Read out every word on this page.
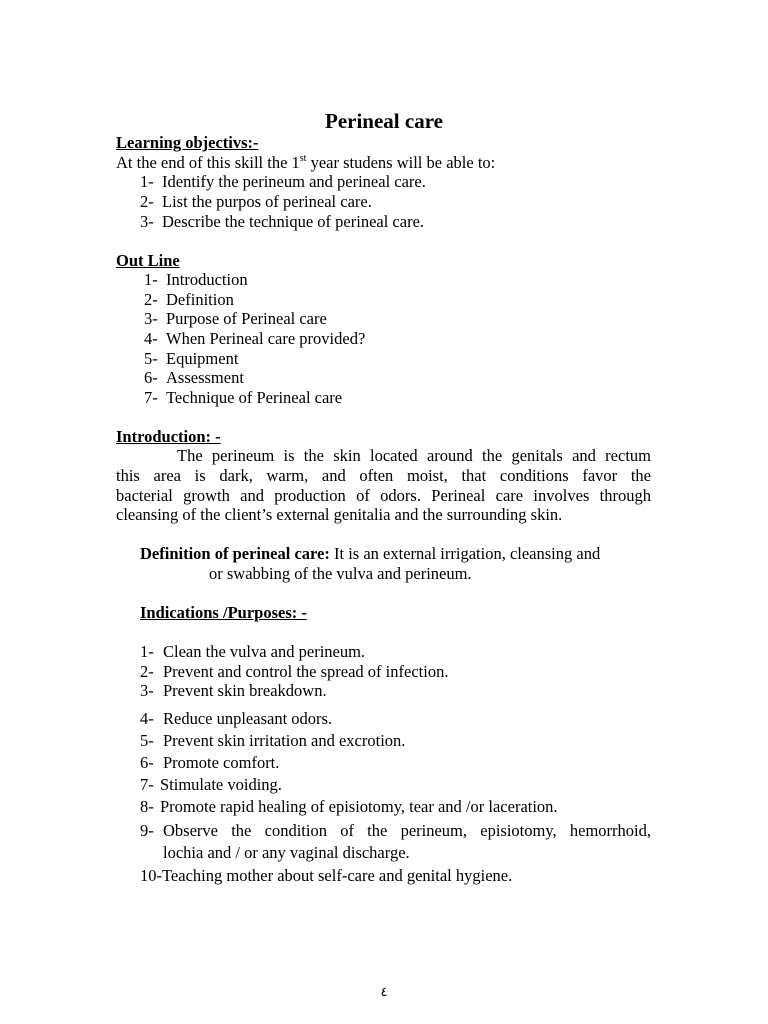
Perineal care
Learning objectivs:-
At the end of this skill the 1st year studens will be able to:
1- Identify the perineum and perineal care.
2- List the purpos of perineal care.
3- Describe the technique of perineal care.
Out Line
1- Introduction
2- Definition
3- Purpose of Perineal care
4- When Perineal care provided?
5- Equipment
6- Assessment
7- Technique of Perineal care
Introduction: -
The perineum is the skin located around the genitals and rectum
this area is dark, warm, and often moist, that conditions favor the
bacterial growth and production of odors. Perineal care involves through
cleansing of the client’s external genitalia and the surrounding skin.
Definition of perineal care: It is an external irrigation, cleansing and
or swabbing of the vulva and perineum.
Indications /Purposes: -
1- Clean the vulva and perineum.
2- Prevent and control the spread of infection.
3- Prevent skin breakdown.
4- Reduce unpleasant odors.
5- Prevent skin irritation and excrotion.
6- Promote comfort.
7- Stimulate voiding.
8- Promote rapid healing of episiotomy, tear and /or laceration.
9- Observe the condition of the perineum, episiotomy, hemorrhoid,
lochia and / or any vaginal discharge.
10-Teaching mother about self-care and genital hygiene.
٤
